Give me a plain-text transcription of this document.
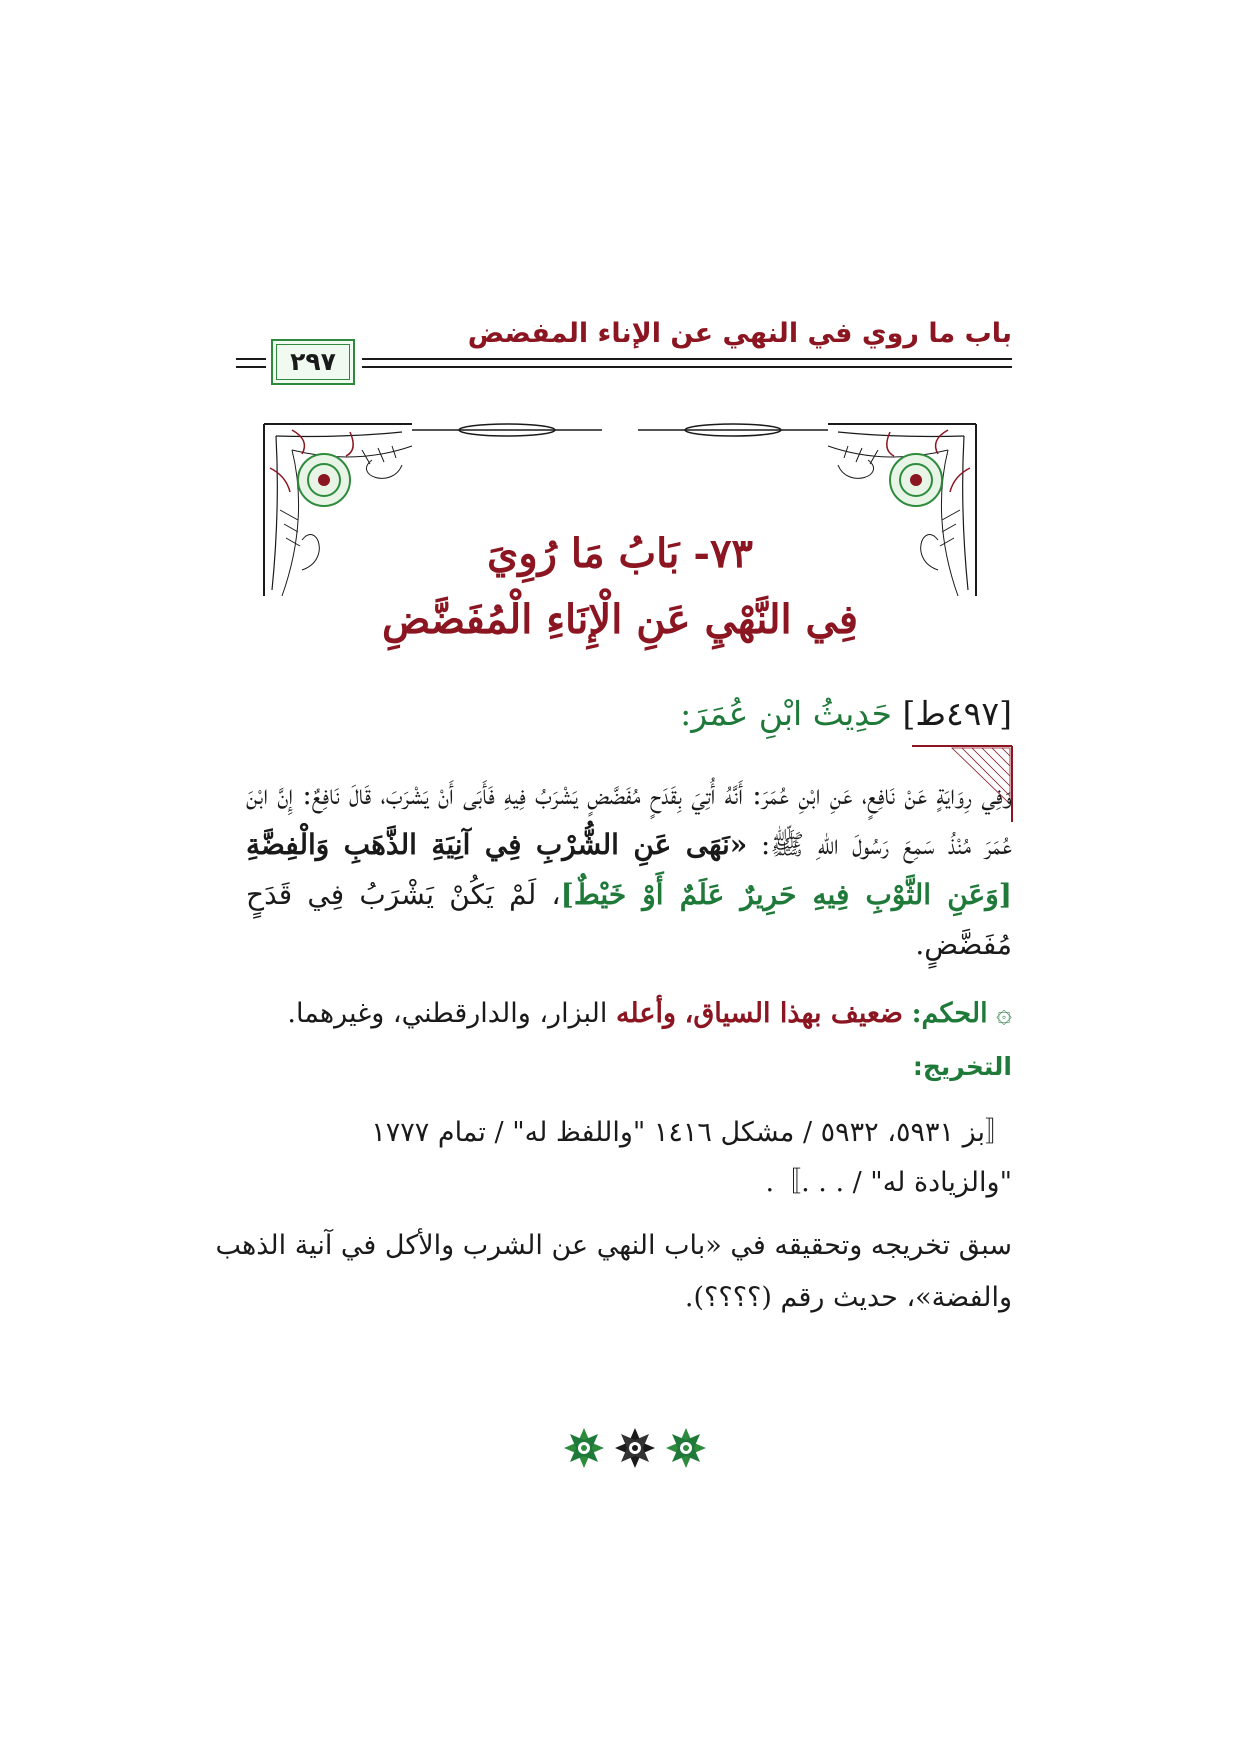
باب ما روي في النهي عن الإناء المفضض
٢٩٧
٧٣- بَابُ مَا رُوِيَ
فِي النَّهْيِ عَنِ الْإِنَاءِ الْمُفَضَّضِ
[٤٩٧ط] حَدِيثُ ابْنِ عُمَرَ:
وَفِي رِوَايَةٍ عَنْ نَافِعٍ، عَنِ ابْنِ عُمَرَ: أَنَّهُ أُتِيَ بِقَدَحٍ مُفَضَّضٍ يَشْرَبُ فِيهِ فَأَبَى أَنْ يَشْرَبَ، قَالَ نَافِعٌ: إِنَّ ابْنَ عُمَرَ مُنْذُ سَمِعَ رَسُولَ اللهِ ﷺ: «نَهَى عَنِ الشُّرْبِ فِي آنِيَةِ الذَّهَبِ وَالْفِضَّةِ [وَعَنِ الثَّوْبِ فِيهِ حَرِيرٌ عَلَمٌ أَوْ خَيْطٌ]، لَمْ يَكُنْ يَشْرَبُ فِي قَدَحٍ مُفَضَّضٍ.
۞ الحكم: ضعيف بهذا السياق، وأعله البزار، والدارقطني، وغيرهما.
التخريج:
〚بز ٥٩٣١، ٥٩٣٢ / مشكل ١٤١٦ "واللفظ له" / تمام ١٧٧٧
"والزيادة له" / . . .〛.
سبق تخريجه وتحقيقه في «باب النهي عن الشرب والأكل في آنية الذهب
والفضة»، حديث رقم (؟؟؟؟).
